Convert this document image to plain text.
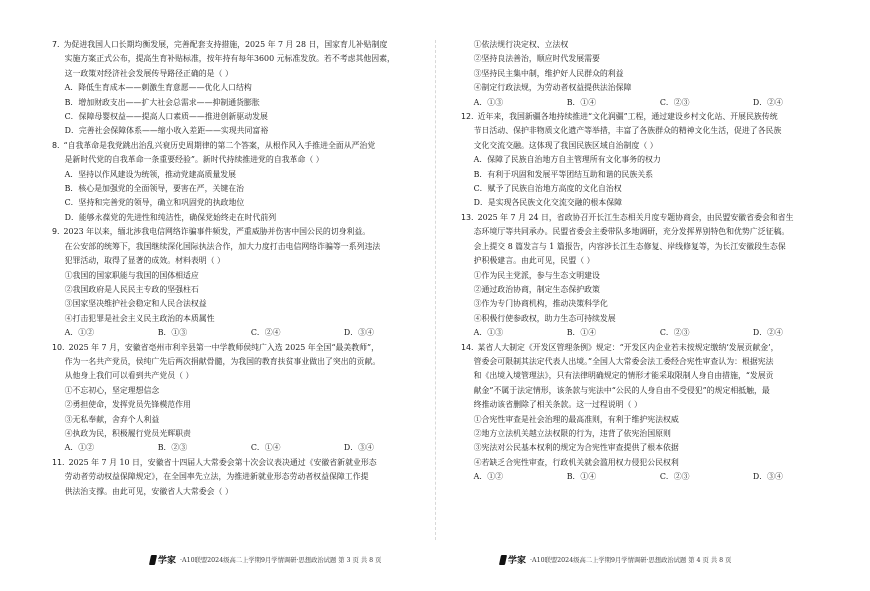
7. 为促进我国人口长期均衡发展，完善配套支持措施，2025 年 7 月 28 日，国家育儿补贴制度
实施方案正式公布，提高生育补贴标准，按年持有每年3600 元标准发放。若不考虑其他因素，
这一政策对经济社会发展传导路径正确的是（ ）
A．降低生育成本——刺激生育意愿——优化人口结构
B．增加财政支出——扩大社会总需求——抑制通货膨胀
C．保障母婴权益——提高人口素质——推进创新驱动发展
D．完善社会保障体系——缩小收入差距——实现共同富裕
8. “自我革命是我党跳出治乱兴衰历史周期律的第二个答案，从根作风入手推进全面从严治党
是新时代党的自我革命一条重要经验”。新时代持续推进党的自我革命（ ）
A．坚持以作风建设为统领，推动党建高质量发展
B．核心是加强党的全面领导，要害在严，关键在治
C．坚持和完善党的领导，确立和巩固党的执政地位
D．能够永葆党的先进性和纯洁性，确保党始终走在时代前列
9. 2023 年以来，缅北涉我电信网络诈骗事件频发，严重威胁并伤害中国公民的切身利益。
在公安部的统筹下，我国继续深化国际执法合作，加大力度打击电信网络诈骗等一系列违法
犯罪活动，取得了显著的成效。材料表明（ ）
①我国的国家职能与我国的国体相适应
②我国政府是人民民主专政的坚强柱石
③国家坚决维护社会稳定和人民合法权益
④打击犯罪是社会主义民主政治的本质属性
A．①②	B．①③	C．②④	D．③④
10. 2025 年 7 月，安徽省亳州市利辛县第一中学教师侯纯广入选 2025 年全国“最美教师”，
作为一名共产党员，侯纯广先后两次捐献骨髓，为我国的教育扶贫事业做出了突出的贡献。
从他身上我们可以看到共产党员（ ）
①不忘初心，坚定理想信念
②勇担使命，发挥党员先锋模范作用
③无私奉献，舍弃个人利益
④执政为民，积极履行党员光辉职责
A．①②	B．②③	C．①④	D．③④
11. 2025 年 7 月 10 日，安徽省十四届人大常委会第十次会议表决通过《安徽省新就业形态
劳动者劳动权益保障规定》，在全国率先立法，为推进新就业形态劳动者权益保障工作提
供法治支撑。由此可见，安徽省人大常委会（ ）
学家 ·A10联盟2024级高二上学期9月学情调研·思想政治试题 第 3 页 共 8 页
①依法规行决定权、立法权
②坚持良法善治，顺应时代发展需要
③坚持民主集中制，维护好人民群众的利益
④制定行政法规，为劳动者权益提供法治保障
A．①③	B．①④	C．②③	D．②④
12. 近年来，我国新疆各地持续推进“文化润疆”工程，通过建设乡村文化站、开展民族传统
节日活动、保护非物质文化遗产等举措，丰富了各族群众的精神文化生活，促进了各民族
文化交流交融。这体现了我国民族区域自治制度（ ）
A．保障了民族自治地方自主管理所有文化事务的权力
B．有利于巩固和发展平等团结互助和谐的民族关系
C．赋予了民族自治地方高度的文化自治权
D．是实现各民族文化交流交融的根本保障
13. 2025 年 7 月 24 日，省政协召开长江生态相关月度专题协商会，由民盟安徽省委会和省生
态环境厅等共同承办。民盟省委会主委带队多地调研，充分发挥界别特色和优势广泛征稿。
会上提交 8 篇发言与 1 篇报告，内容涉长江生态修复、岸线修复等，为长江安徽段生态保
护积极建言。由此可见，民盟（ ）
①作为民主党派，参与生态文明建设
②通过政治协商，制定生态保护政策
③作为专门协商机构，推动决策科学化
④积极行使参政权，助力生态可持续发展
A．①③	B．①④	C．②③	D．②④
14. 某省人大制定《开发区管理条例》规定：“开发区内企业若未按规定缴纳‘发展贡献金’，
管委会可限制其法定代表人出境。”全国人大常委会法工委经合宪性审查认为：根据宪法
和《出境入境管理法》，只有法律明确规定的情形才能采取限制人身自由措施，“发展贡
献金”不属于法定情形，该条款与宪法中“公民的人身自由不受侵犯”的规定相抵触，最
终推动该省删除了相关条款。这一过程说明（ ）
①合宪性审查是社会治理的最高准则，有利于维护宪法权威
②地方立法机关越立法权限的行为，违背了依宪治国原则
③宪法对公民基本权利的规定为合宪性审查提供了根本依据
④若缺乏合宪性审查，行政机关就会滥用权力侵犯公民权利
A．①②	B．①④	C．②③	D．③④
学家 ·A10联盟2024级高二上学期9月学情调研·思想政治试题 第 4 页 共 8 页
